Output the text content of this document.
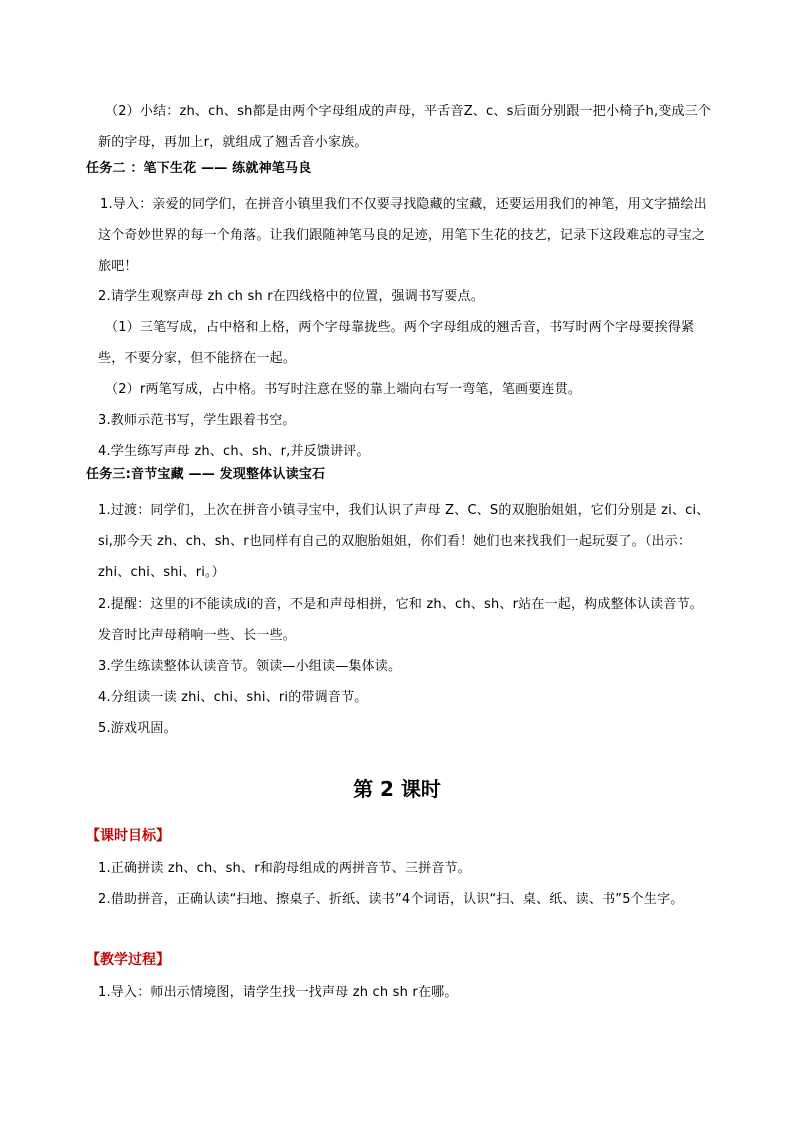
（2）小结：zh、ch、sh都是由两个字母组成的声母，平舌音Z、c、s后面分别跟一把小椅子h,变成三个新的字母，再加上r，就组成了翘舌音小家族。

任务二 ：笔下生花 —— 练就神笔马良

1.导入：亲爱的同学们，在拼音小镇里我们不仅要寻找隐藏的宝藏，还要运用我们的神笔，用文字描绘出这个奇妙世界的每一个角落。让我们跟随神笔马良的足迹，用笔下生花的技艺，记录下这段难忘的寻宝之旅吧！

2.请学生观察声母 zh ch sh r在四线格中的位置，强调书写要点。

（1）三笔写成，占中格和上格，两个字母靠拢些。两个字母组成的翘舌音，书写时两个字母要挨得紧些，不要分家，但不能挤在一起。

（2）r两笔写成，占中格。书写时注意在竖的靠上端向右写一弯笔，笔画要连贯。

3.教师示范书写，学生跟着书空。

4.学生练写声母 zh、ch、sh、r,并反馈讲评。

任务三:音节宝藏 —— 发现整体认读宝石

1.过渡：同学们，上次在拼音小镇寻宝中，我们认识了声母 Z、C、S的双胞胎姐姐，它们分别是 zi、ci、si,那今天 zh、ch、sh、r也同样有自己的双胞胎姐姐，你们看！她们也来找我们一起玩耍了。（出示：zhi、chi、shi、ri。）

2.提醒：这里的i不能读成i的音，不是和声母相拼，它和 zh、ch、sh、r站在一起，构成整体认读音节。发音时比声母稍响一些、长一些。

3.学生练读整体认读音节。领读—小组读—集体读。

4.分组读一读 zhi、chi、shi、ri的带调音节。

5.游戏巩固。

第 2 课时

【课时目标】

1.正确拼读 zh、ch、sh、r和韵母组成的两拼音节、三拼音节。

2.借助拼音，正确认读“扫地、擦桌子、折纸、读书”4个词语，认识“扫、桌、纸、读、书”5个生字。

【教学过程】

1.导入：师出示情境图，请学生找一找声母 zh ch sh r在哪。
